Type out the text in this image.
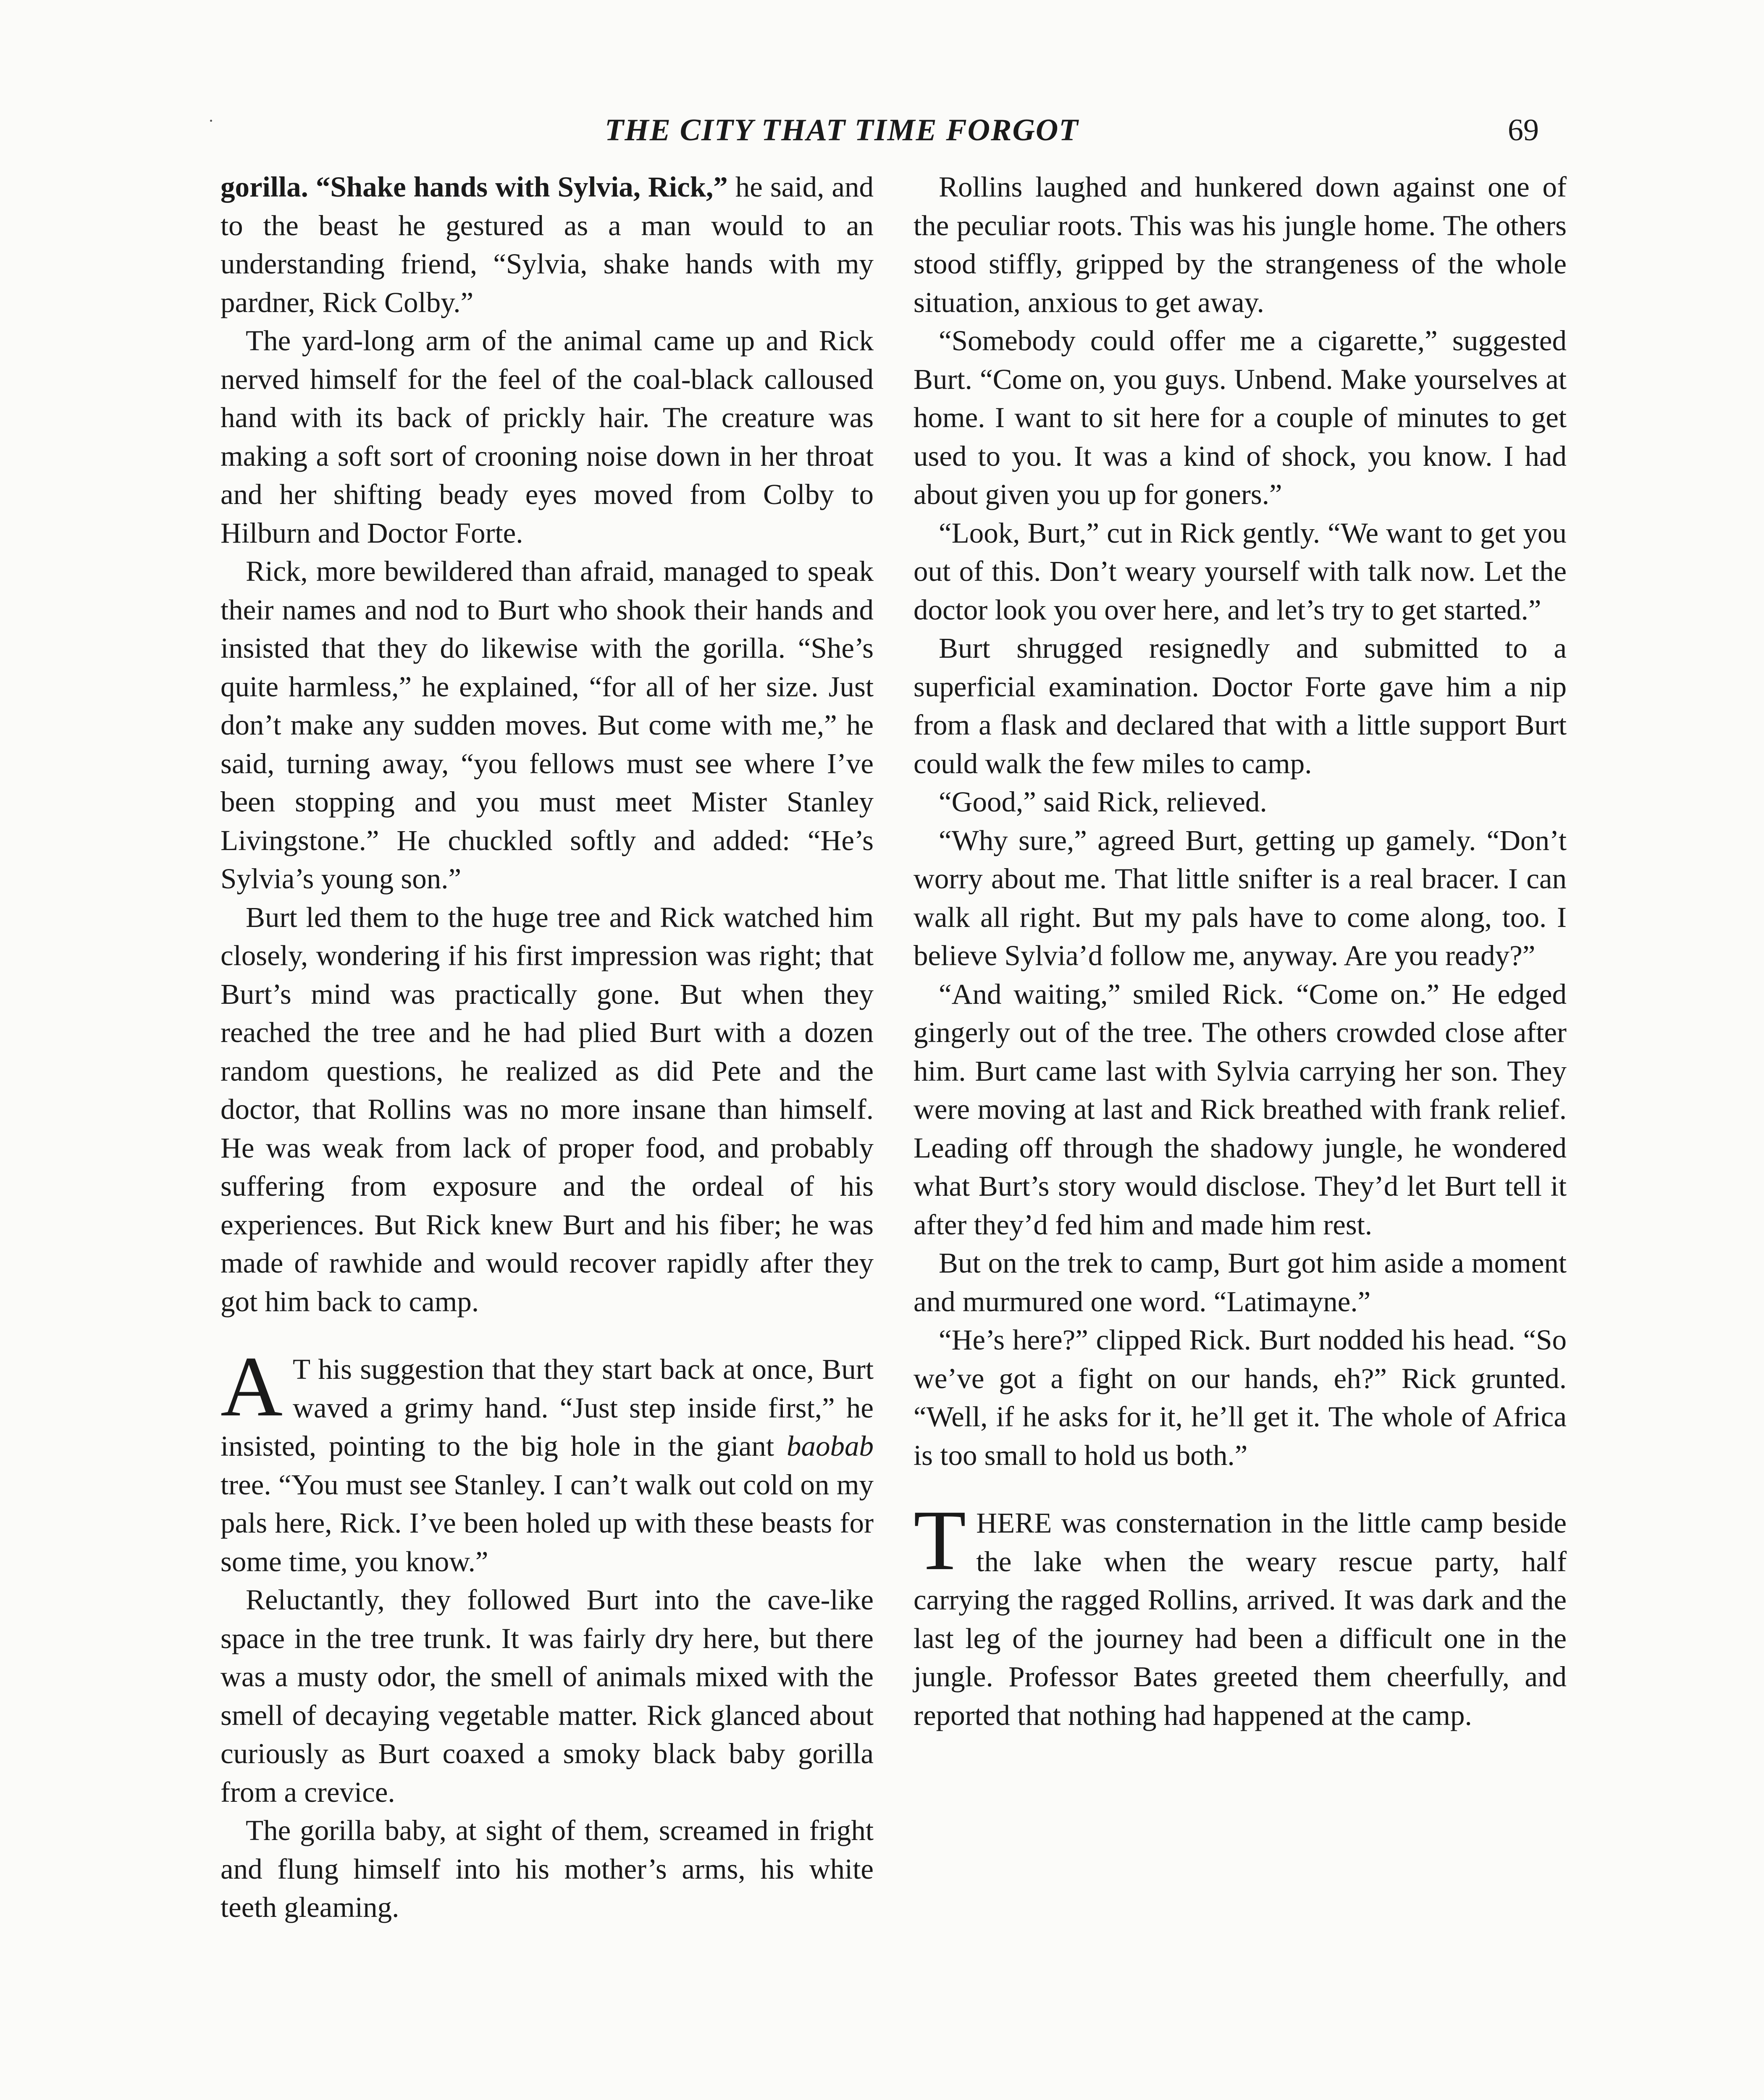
THE CITY THAT TIME FORGOT	69

gorilla. “Shake hands with Sylvia, Rick,” he said, and to the beast he gestured as a man would to an understanding friend, “Sylvia, shake hands with my pardner, Rick Colby.”

The yard-long arm of the animal came up and Rick nerved himself for the feel of the coal-black calloused hand with its back of prickly hair. The creature was making a soft sort of crooning noise down in her throat and her shifting beady eyes moved from Colby to Hilburn and Doctor Forte.

Rick, more bewildered than afraid, managed to speak their names and nod to Burt who shook their hands and insisted that they do likewise with the gorilla. “She’s quite harmless,” he explained, “for all of her size. Just don’t make any sudden moves. But come with me,” he said, turning away, “you fellows must see where I’ve been stopping and you must meet Mister Stanley Livingstone.” He chuckled softly and added: “He’s Sylvia’s young son.”

Burt led them to the huge tree and Rick watched him closely, wondering if his first impression was right; that Burt’s mind was practically gone. But when they reached the tree and he had plied Burt with a dozen random questions, he realized as did Pete and the doctor, that Rollins was no more insane than himself. He was weak from lack of proper food, and probably suffering from exposure and the ordeal of his experiences. But Rick knew Burt and his fiber; he was made of rawhide and would recover rapidly after they got him back to camp.

A T his suggestion that they start back at once, Burt waved a grimy hand. “Just step inside first,” he insisted, pointing to the big hole in the giant baobab tree. “You must see Stanley. I can’t walk out cold on my pals here, Rick. I’ve been holed up with these beasts for some time, you know.”

Reluctantly, they followed Burt into the cave-like space in the tree trunk. It was fairly dry here, but there was a musty odor, the smell of animals mixed with the smell of decaying vegetable matter. Rick glanced about curiously as Burt coaxed a smoky black baby gorilla from a crevice.

The gorilla baby, at sight of them, screamed in fright and flung himself into his mother’s arms, his white teeth gleaming.

Rollins laughed and hunkered down against one of the peculiar roots. This was his jungle home. The others stood stiffly, gripped by the strangeness of the whole situation, anxious to get away.

“Somebody could offer me a cigarette,” suggested Burt. “Come on, you guys. Unbend. Make yourselves at home. I want to sit here for a couple of minutes to get used to you. It was a kind of shock, you know. I had about given you up for goners.”

“Look, Burt,” cut in Rick gently. “We want to get you out of this. Don’t weary yourself with talk now. Let the doctor look you over here, and let’s try to get started.”

Burt shrugged resignedly and submitted to a superficial examination. Doctor Forte gave him a nip from a flask and declared that with a little support Burt could walk the few miles to camp.

“Good,” said Rick, relieved.

“Why sure,” agreed Burt, getting up gamely. “Don’t worry about me. That little snifter is a real bracer. I can walk all right. But my pals have to come along, too. I believe Sylvia’d follow me, anyway. Are you ready?”

“And waiting,” smiled Rick. “Come on.” He edged gingerly out of the tree. The others crowded close after him. Burt came last with Sylvia carrying her son. They were moving at last and Rick breathed with frank relief. Leading off through the shadowy jungle, he wondered what Burt’s story would disclose. They’d let Burt tell it after they’d fed him and made him rest.

But on the trek to camp, Burt got him aside a moment and murmured one word. “Latimayne.”

“He’s here?” clipped Rick. Burt nodded his head. “So we’ve got a fight on our hands, eh?” Rick grunted. “Well, if he asks for it, he’ll get it. The whole of Africa is too small to hold us both.”

THERE was consternation in the little camp beside the lake when the weary rescue party, half carrying the ragged Rollins, arrived. It was dark and the last leg of the journey had been a difficult one in the jungle. Professor Bates greeted them cheerfully, and reported that nothing had happened at the camp.
